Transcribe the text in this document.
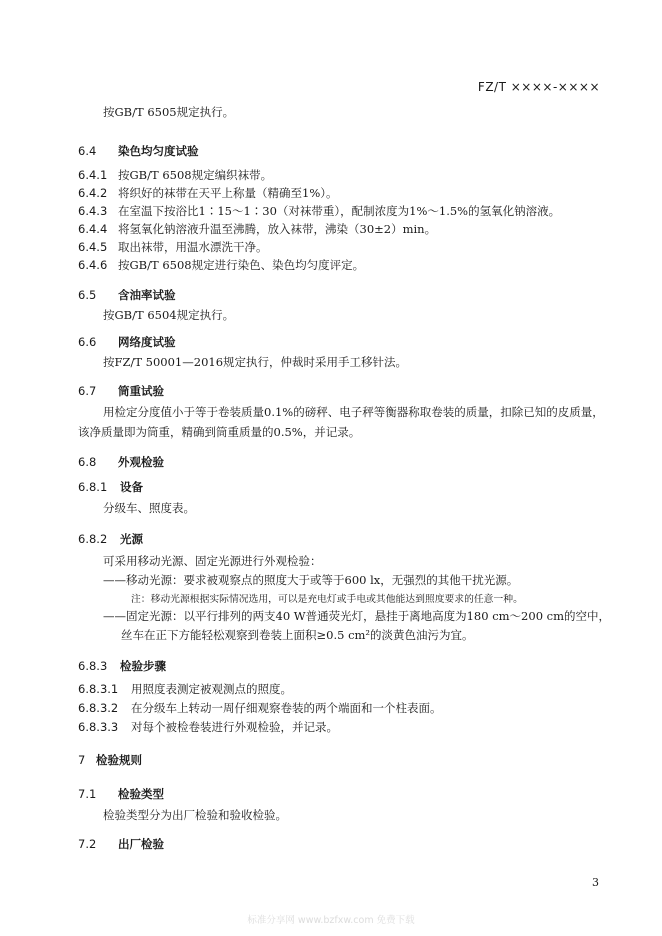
FZ/T ××××-××××
按GB/T 6505规定执行。
6.4 染色均匀度试验
6.4.1 按GB/T 6508规定编织袜带。
6.4.2 将织好的袜带在天平上称量（精确至1%）。
6.4.3 在室温下按浴比1∶15～1∶30（对袜带重），配制浓度为1%～1.5%的氢氧化钠溶液。
6.4.4 将氢氧化钠溶液升温至沸腾，放入袜带，沸染（30±2）min。
6.4.5 取出袜带，用温水漂洗干净。
6.4.6 按GB/T 6508规定进行染色、染色均匀度评定。
6.5 含油率试验
按GB/T 6504规定执行。
6.6 网络度试验
按FZ/T 50001—2016规定执行，仲裁时采用手工移针法。
6.7 筒重试验
用检定分度值小于等于卷装质量0.1%的磅秤、电子秤等衡器称取卷装的质量，扣除已知的皮质量，
该净质量即为筒重，精确到筒重质量的0.5%，并记录。
6.8 外观检验
6.8.1 设备
分级车、照度表。
6.8.2 光源
可采用移动光源、固定光源进行外观检验：
——移动光源：要求被观察点的照度大于或等于600 lx，无强烈的其他干扰光源。
注：移动光源根据实际情况选用，可以是充电灯或手电或其他能达到照度要求的任意一种。
——固定光源：以平行排列的两支40 W普通荧光灯，悬挂于离地高度为180 cm～200 cm的空中，
丝车在正下方能轻松观察到卷装上面积≥0.5 cm²的淡黄色油污为宜。
6.8.3 检验步骤
6.8.3.1 用照度表测定被观测点的照度。
6.8.3.2 在分级车上转动一周仔细观察卷装的两个端面和一个柱表面。
6.8.3.3 对每个被检卷装进行外观检验，并记录。
7 检验规则
7.1 检验类型
检验类型分为出厂检验和验收检验。
7.2 出厂检验
3
标准分享网 www.bzfxw.com 免费下载
